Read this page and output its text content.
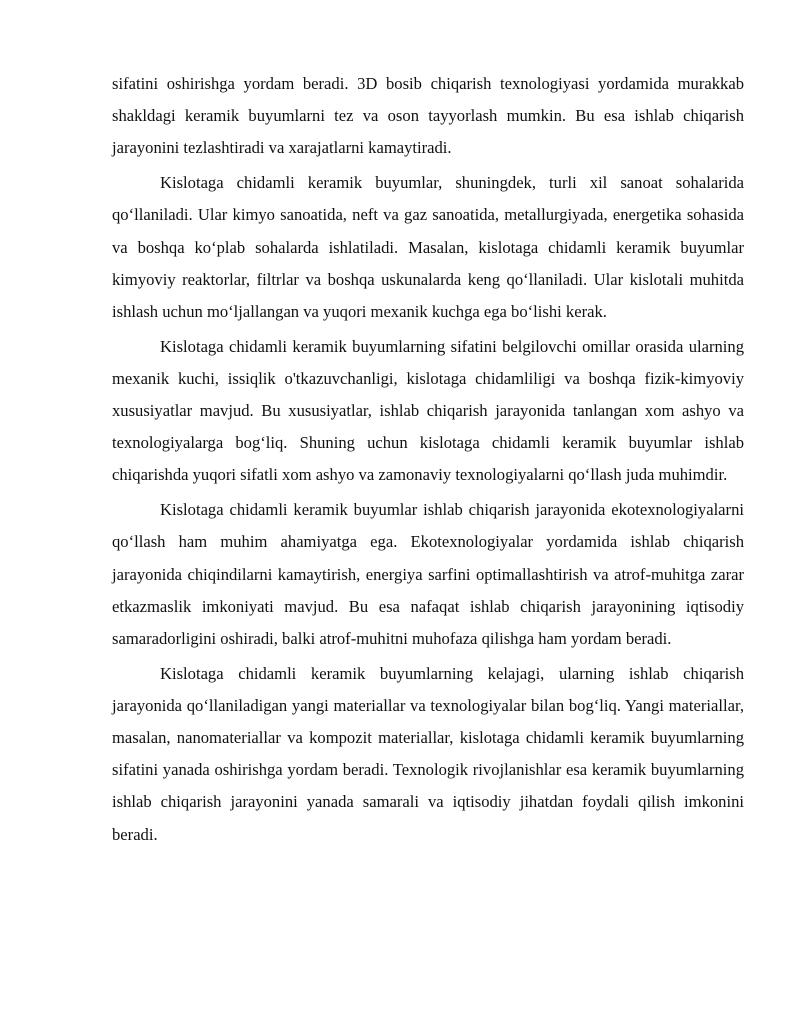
sifatini oshirishga yordam beradi. 3D bosib chiqarish texnologiyasi yordamida murakkab shakldagi keramik buyumlarni tez va oson tayyorlash mumkin. Bu esa ishlab chiqarish jarayonini tezlashtiradi va xarajatlarni kamaytiradi.

Kislotaga chidamli keramik buyumlar, shuningdek, turli xil sanoat sohalarida qo‘llaniladi. Ular kimyo sanoatida, neft va gaz sanoatida, metallurgiyada, energetika sohasida va boshqa ko‘plab sohalarda ishlatiladi. Masalan, kislotaga chidamli keramik buyumlar kimyoviy reaktorlar, filtrlar va boshqa uskunalarda keng qo‘llaniladi. Ular kislotali muhitda ishlash uchun mo‘ljallangan va yuqori mexanik kuchga ega bo‘lishi kerak.

Kislotaga chidamli keramik buyumlarning sifatini belgilovchi omillar orasida ularning mexanik kuchi, issiqlik o'tkazuvchanligi, kislotaga chidamliligi va boshqa fizik-kimyoviy xususiyatlar mavjud. Bu xususiyatlar, ishlab chiqarish jarayonida tanlangan xom ashyo va texnologiyalarga bog‘liq. Shuning uchun kislotaga chidamli keramik buyumlar ishlab chiqarishda yuqori sifatli xom ashyo va zamonaviy texnologiyalarni qo‘llash juda muhimdir.

Kislotaga chidamli keramik buyumlar ishlab chiqarish jarayonida ekotexnologiyalarni qo‘llash ham muhim ahamiyatga ega. Ekotexnologiyalar yordamida ishlab chiqarish jarayonida chiqindilarni kamaytirish, energiya sarfini optimallashtirish va atrof-muhitga zarar etkazmaslik imkoniyati mavjud. Bu esa nafaqat ishlab chiqarish jarayonining iqtisodiy samaradorligini oshiradi, balki atrof-muhitni muhofaza qilishga ham yordam beradi.

Kislotaga chidamli keramik buyumlarning kelajagi, ularning ishlab chiqarish jarayonida qo‘llaniladigan yangi materiallar va texnologiyalar bilan bog‘liq. Yangi materiallar, masalan, nanomateriallar va kompozit materiallar, kislotaga chidamli keramik buyumlarning sifatini yanada oshirishga yordam beradi. Texnologik rivojlanishlar esa keramik buyumlarning ishlab chiqarish jarayonini yanada samarali va iqtisodiy jihatdan foydali qilish imkonini beradi.
